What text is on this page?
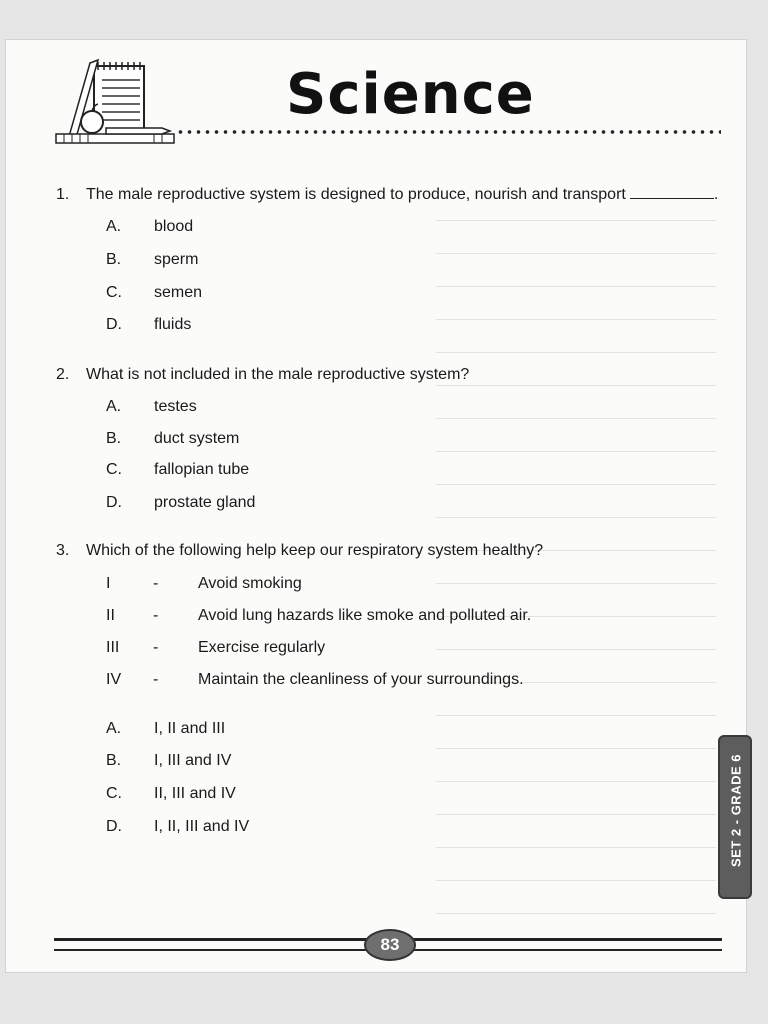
Science
1. The male reproductive system is designed to produce, nourish and transport	.
A. blood
B. sperm
C. semen
D. fluids
2. What is not included in the male reproductive system?
A. testes
B. duct system
C. fallopian tube
D. prostate gland
3. Which of the following help keep our respiratory system healthy?
I	- Avoid smoking
II - Avoid lung hazards like smoke and polluted air.
III - Exercise regularly
IV - Maintain the cleanliness of your surroundings.
A. I, II and III
B. I, III and IV
C. II, III and IV
D. I, II, III and IV
83
SET 2 - GRADE 6
